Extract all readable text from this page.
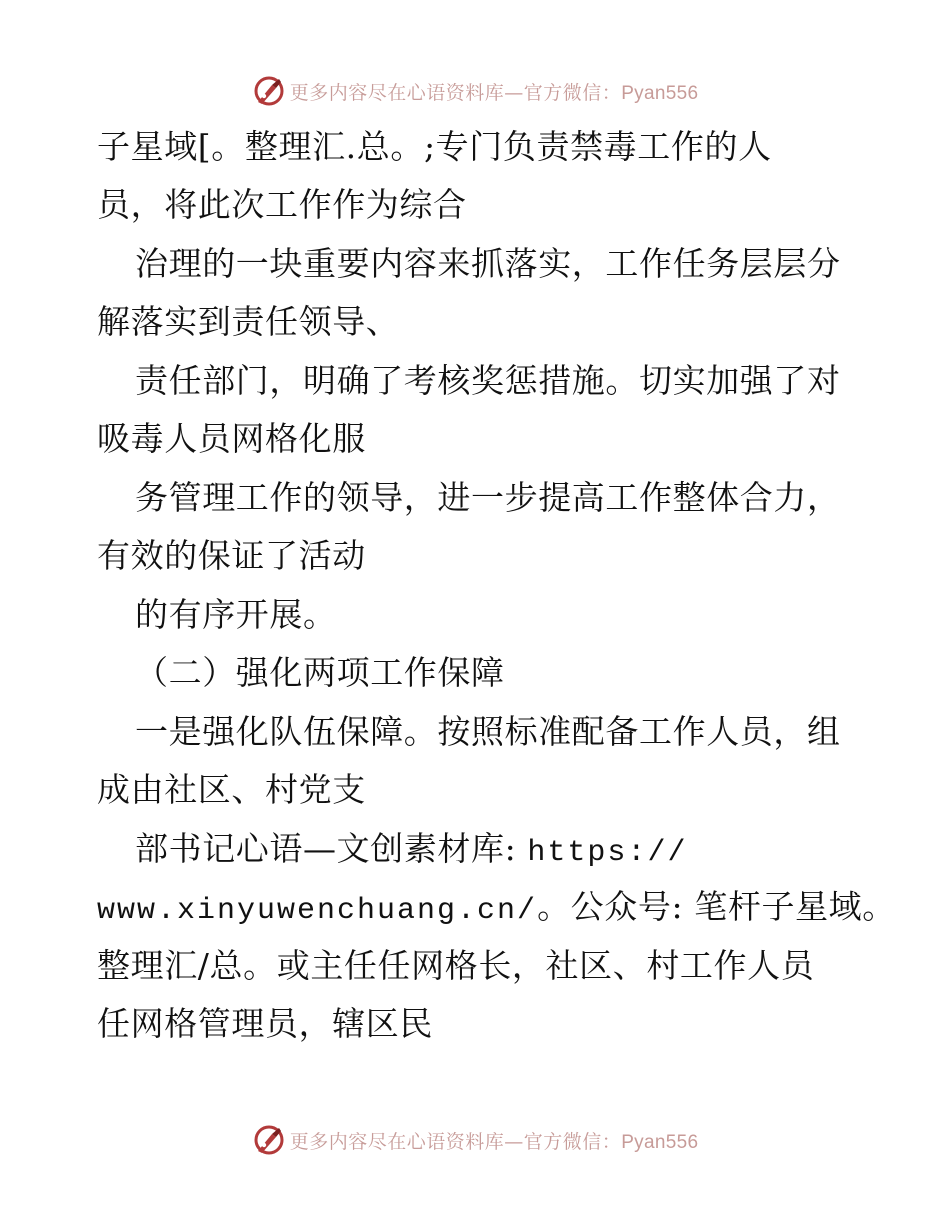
更多内容尽在心语资料库—官方微信：Pyan556
子星域[。整理汇.总。;专门负责禁毒工作的人
员，将此次工作作为综合
治理的一块重要内容来抓落实，工作任务层层分
解落实到责任领导、
责任部门，明确了考核奖惩措施。切实加强了对
吸毒人员网格化服
务管理工作的领导，进一步提高工作整体合力，
有效的保证了活动
的有序开展。
（二）强化两项工作保障
一是强化队伍保障。按照标准配备工作人员，组
成由社区、村党支
部书记心语—文创素材库: https://
www.xinyuwenchuang.cn/。公众号: 笔杆子星域。
整理汇/总。或主任任网格长，社区、村工作人员
任网格管理员，辖区民
更多内容尽在心语资料库—官方微信：Pyan556
